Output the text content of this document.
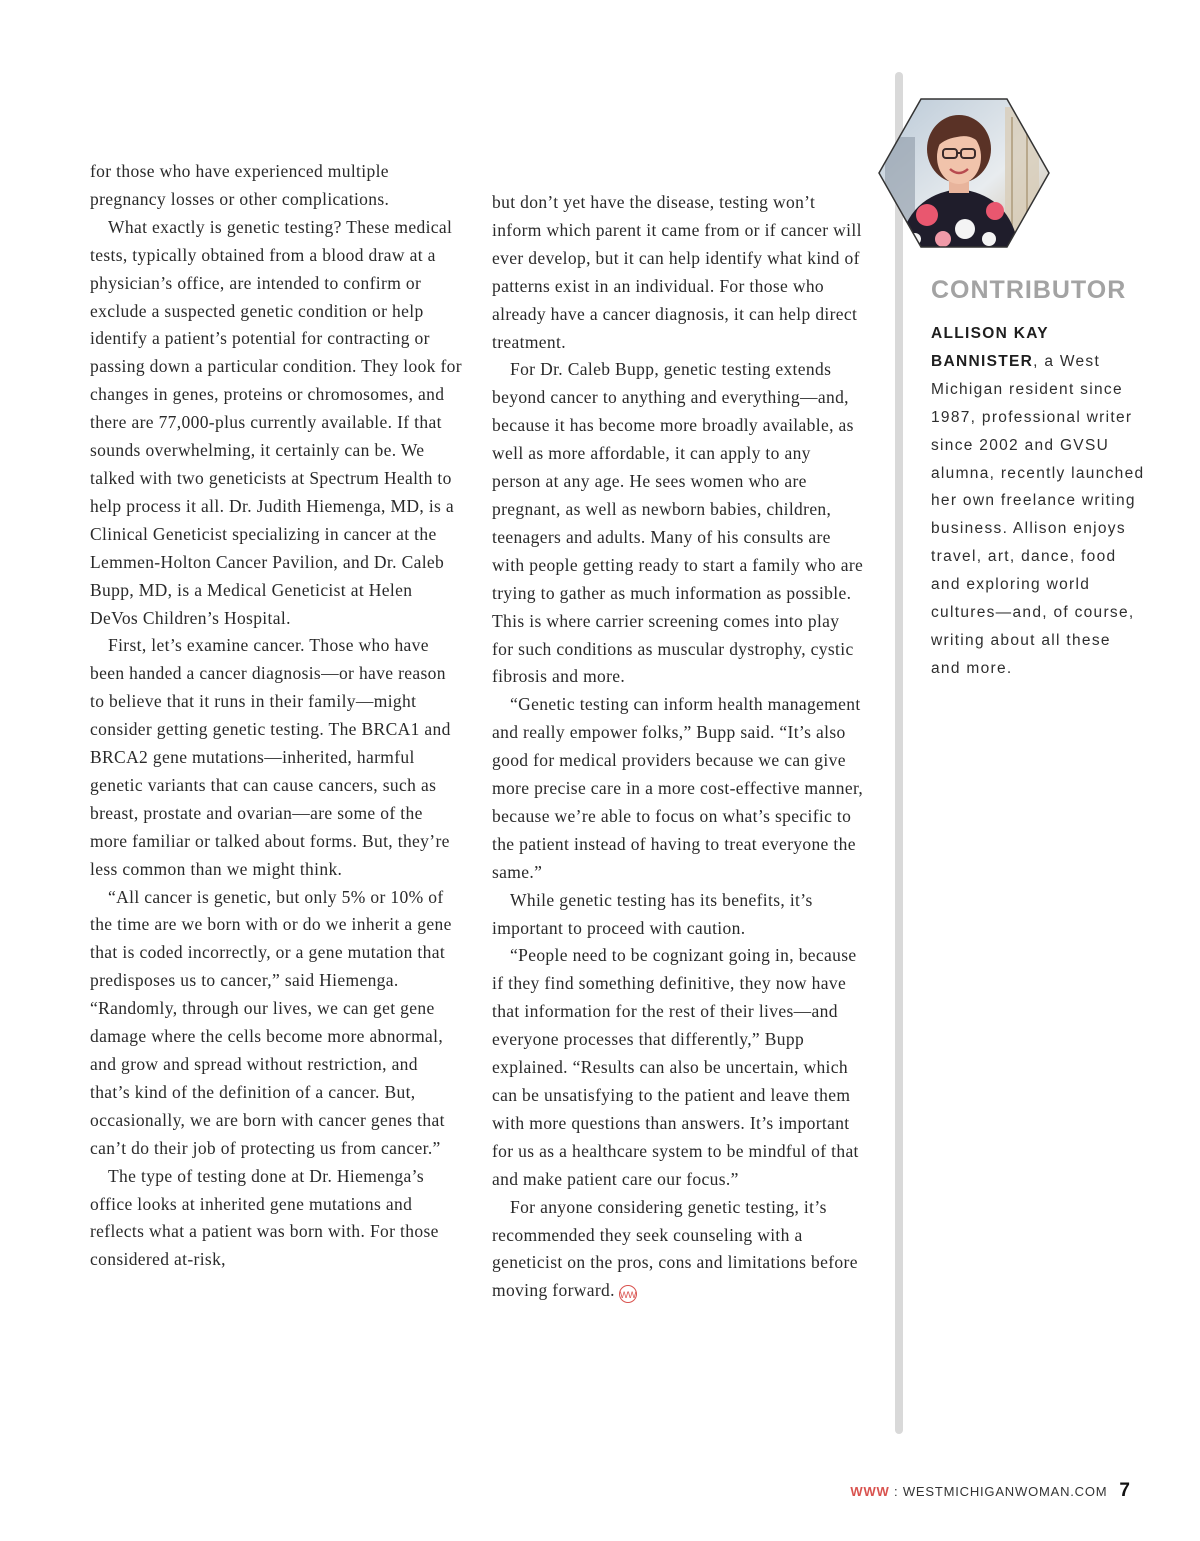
for those who have experienced multiple pregnancy losses or other complications.

What exactly is genetic testing? These medical tests, typically obtained from a blood draw at a physician’s office, are intended to confirm or exclude a suspected genetic condition or help identify a patient’s potential for contracting or passing down a particular condition. They look for changes in genes, proteins or chromosomes, and there are 77,000-plus currently available. If that sounds overwhelming, it certainly can be. We talked with two geneticists at Spectrum Health to help process it all. Dr. Judith Hiemenga, MD, is a Clinical Geneticist specializing in cancer at the Lemmen-Holton Cancer Pavilion, and Dr. Caleb Bupp, MD, is a Medical Geneticist at Helen DeVos Children’s Hospital.

First, let’s examine cancer. Those who have been handed a cancer diagnosis—or have reason to believe that it runs in their family—might consider getting genetic testing. The BRCA1 and BRCA2 gene mutations—inherited, harmful genetic variants that can cause cancers, such as breast, prostate and ovarian—are some of the more familiar or talked about forms. But, they’re less common than we might think.

“All cancer is genetic, but only 5% or 10% of the time are we born with or do we inherit a gene that is coded incorrectly, or a gene mutation that predisposes us to cancer,” said Hiemenga. “Randomly, through our lives, we can get gene damage where the cells become more abnormal, and grow and spread without restriction, and that’s kind of the definition of a cancer. But, occasionally, we are born with cancer genes that can’t do their job of protecting us from cancer.”

The type of testing done at Dr. Hiemenga’s office looks at inherited gene mutations and reflects what a patient was born with. For those considered at-risk,

but don’t yet have the disease, testing won’t inform which parent it came from or if cancer will ever develop, but it can help identify what kind of patterns exist in an individual. For those who already have a cancer diagnosis, it can help direct treatment.

For Dr. Caleb Bupp, genetic testing extends beyond cancer to anything and everything—and, because it has become more broadly available, as well as more affordable, it can apply to any person at any age. He sees women who are pregnant, as well as newborn babies, children, teenagers and adults. Many of his consults are with people getting ready to start a family who are trying to gather as much information as possible. This is where carrier screening comes into play for such conditions as muscular dystrophy, cystic fibrosis and more.

“Genetic testing can inform health management and really empower folks,” Bupp said. “It’s also good for medical providers because we can give more precise care in a more cost-effective manner, because we’re able to focus on what’s specific to the patient instead of having to treat everyone the same.”

While genetic testing has its benefits, it’s important to proceed with caution.

“People need to be cognizant going in, because if they find something definitive, they now have that information for the rest of their lives—and everyone processes that differently,” Bupp explained. “Results can also be uncertain, which can be unsatisfying to the patient and leave them with more questions than answers. It’s important for us as a healthcare system to be mindful of that and make patient care our focus.”

For anyone considering genetic testing, it’s recommended they seek counseling with a geneticist on the pros, cons and limitations before moving forward. WW

CONTRIBUTOR

ALLISON KAY BANNISTER, a West Michigan resident since 1987, professional writer since 2002 and GVSU alumna, recently launched her own freelance writing business. Allison enjoys travel, art, dance, food and exploring world cultures—and, of course, writing about all these and more.

WWW : WESTMICHIGANWOMAN.COM 7
